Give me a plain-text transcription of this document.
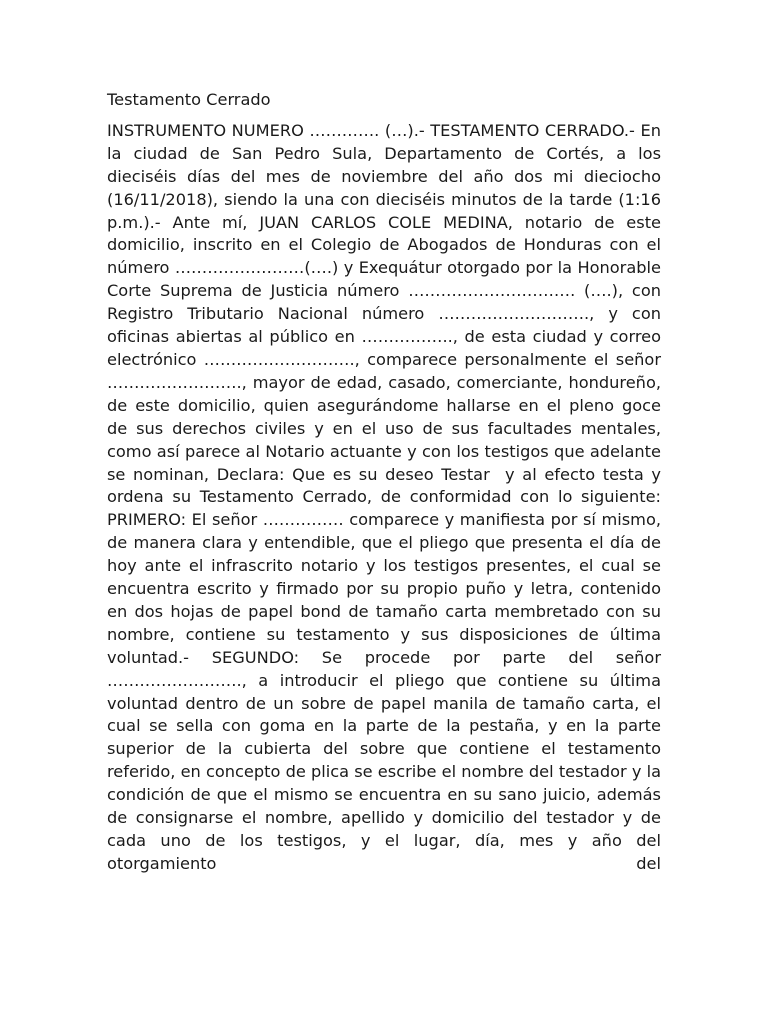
Testamento Cerrado

INSTRUMENTO NUMERO …………. (…).- TESTAMENTO CERRADO.- En la ciudad de San Pedro Sula, Departamento de Cortés, a los dieciséis días del mes de noviembre del año dos mi dieciocho (16/11/2018), siendo la una con dieciséis minutos de la tarde (1:16 p.m.).- Ante mí, JUAN CARLOS COLE MEDINA, notario de este domicilio, inscrito en el Colegio de Abogados de Honduras con el número ……………………(….) y Exequátur otorgado por la Honorable Corte Suprema de Justicia número …………………………. (….), con Registro Tributario Nacional número ………………………., y con oficinas abiertas al público en …………….., de esta ciudad y correo electrónico ………………………., comparece personalmente el señor ……………………., mayor de edad, casado, comerciante, hondureño, de este domicilio, quien asegurándome hallarse en el pleno goce de sus derechos civiles y en el uso de sus facultades mentales, como así parece al Notario actuante y con los testigos que adelante se nominan, Declara: Que es su deseo Testar  y al efecto testa y ordena su Testamento Cerrado, de conformidad con lo siguiente: PRIMERO: El señor …………… comparece y manifiesta por sí mismo, de manera clara y entendible, que el pliego que presenta el día de hoy ante el infrascrito notario y los testigos presentes, el cual se encuentra escrito y firmado por su propio puño y letra, contenido en dos hojas de papel bond de tamaño carta membretado con su nombre, contiene su testamento y sus disposiciones de última voluntad.- SEGUNDO: Se procede por parte del señor ……………………., a introducir el pliego que contiene su última voluntad dentro de un sobre de papel manila de tamaño carta, el cual se sella con goma en la parte de la pestaña, y en la parte superior de la cubierta del sobre que contiene el testamento referido, en concepto de plica se escribe el nombre del testador y la condición de que el mismo se encuentra en su sano juicio, además de consignarse el nombre, apellido y domicilio del testador y de cada uno de los testigos, y el lugar, día, mes y año del otorgamiento del
